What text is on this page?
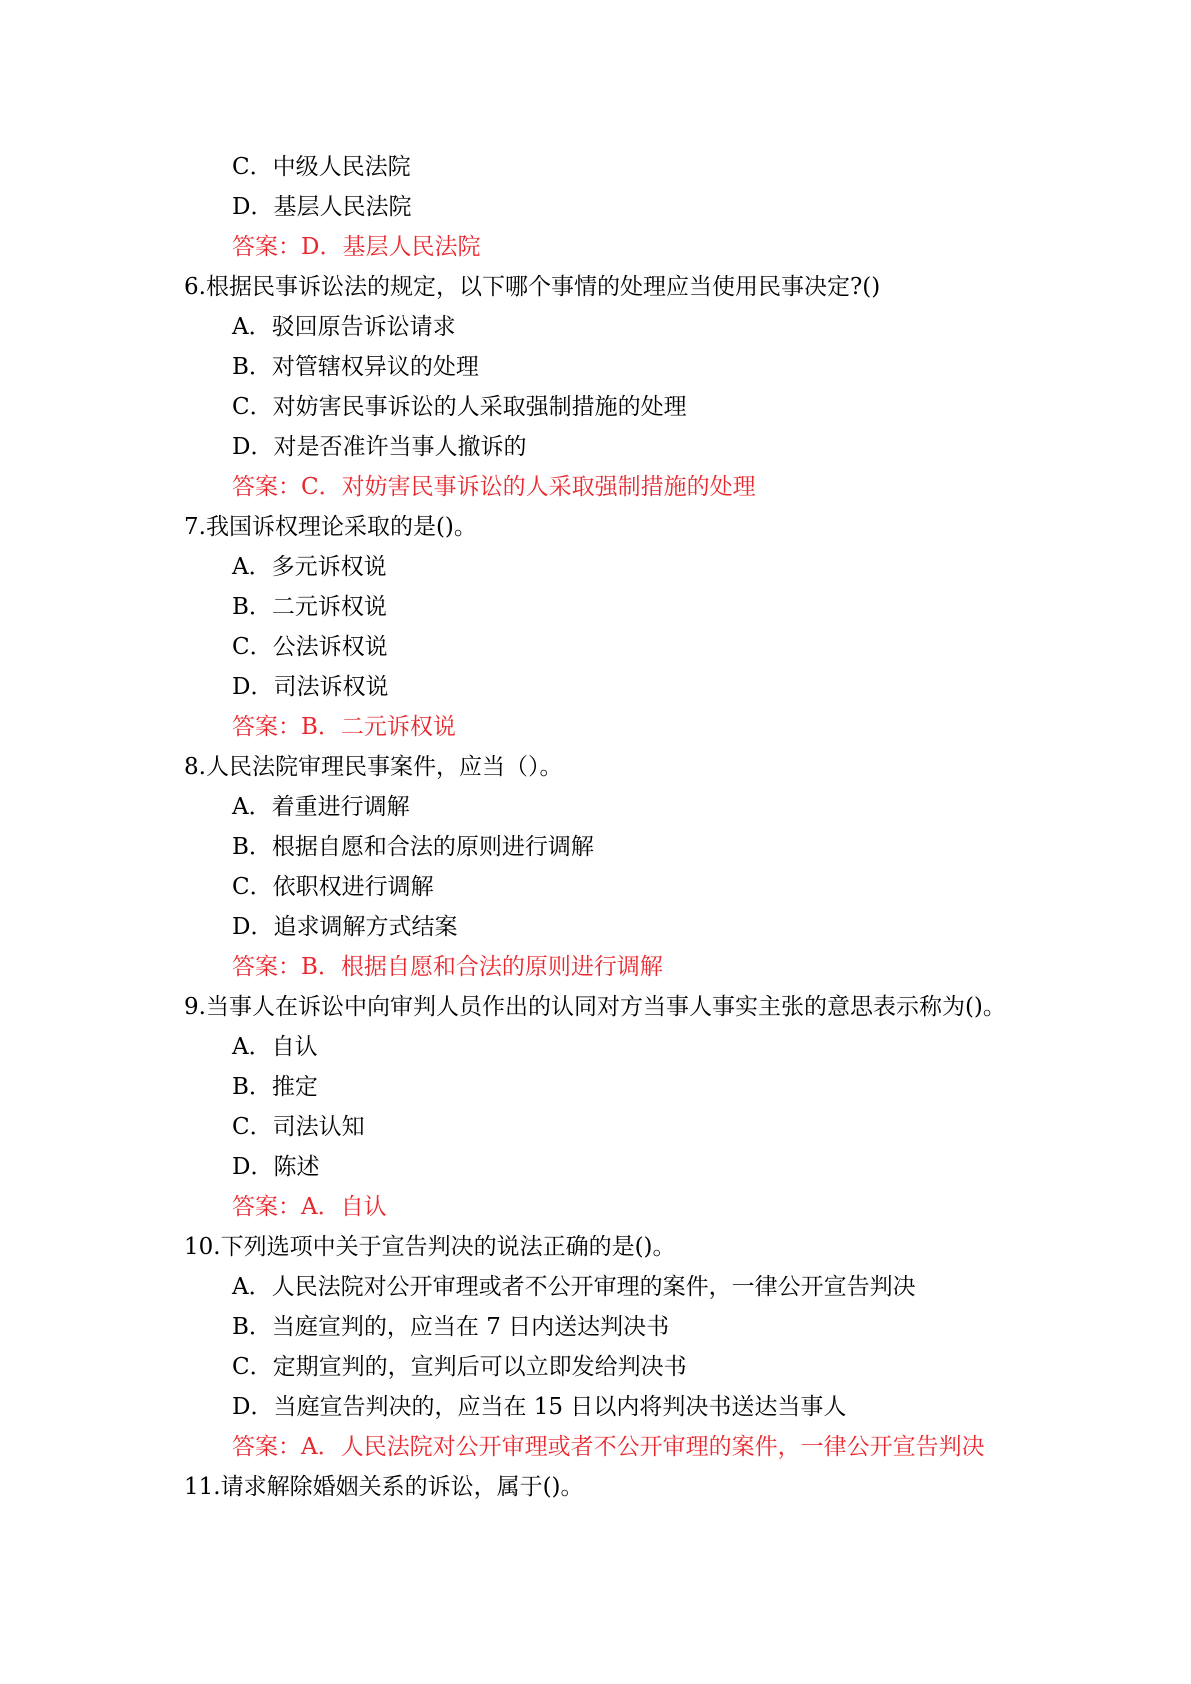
C．中级人民法院
D．基层人民法院
答案：D．基层人民法院
6.根据民事诉讼法的规定，以下哪个事情的处理应当使用民事决定?()
A．驳回原告诉讼请求
B．对管辖权异议的处理
C．对妨害民事诉讼的人采取强制措施的处理
D．对是否准许当事人撤诉的
答案：C．对妨害民事诉讼的人采取强制措施的处理
7.我国诉权理论采取的是()。
A．多元诉权说
B．二元诉权说
C．公法诉权说
D．司法诉权说
答案：B．二元诉权说
8.人民法院审理民事案件，应当（）。
A．着重进行调解
B．根据自愿和合法的原则进行调解
C．依职权进行调解
D．追求调解方式结案
答案：B．根据自愿和合法的原则进行调解
9.当事人在诉讼中向审判人员作出的认同对方当事人事实主张的意思表示称为()。
A．自认
B．推定
C．司法认知
D．陈述
答案：A．自认
10.下列选项中关于宣告判决的说法正确的是()。
A．人民法院对公开审理或者不公开审理的案件，一律公开宣告判决
B．当庭宣判的，应当在 7 日内送达判决书
C．定期宣判的，宣判后可以立即发给判决书
D．当庭宣告判决的，应当在 15 日以内将判决书送达当事人
答案：A．人民法院对公开审理或者不公开审理的案件，一律公开宣告判决
11.请求解除婚姻关系的诉讼，属于()。
